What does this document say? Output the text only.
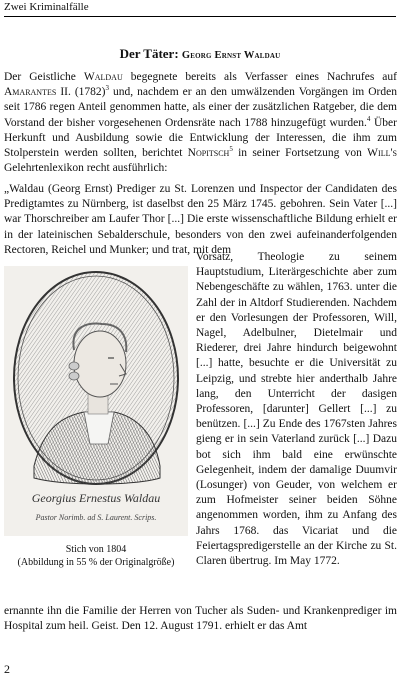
Zwei Kriminalfälle
Der Täter: Georg Ernst Waldau
Der Geistliche Waldau begegnete bereits als Verfasser eines Nachrufes auf Amarantes II. $(1782)^3$ und, nachdem er an den umwälzenden Vorgängen im Orden seit 1786 regen Anteil genommen hatte, als einer der zusätzlichen Ratgeber, die dem Vorstand der bisher vorgesehenen Ordensräte nach 1788 hinzugefügt wurden.$^4$ Über Herkunft und Ausbildung sowie die Entwicklung der Interessen, die ihm zum Stolperstein werden sollten, berichtet Nopitsch$^5$ in seiner Fortsetzung von Will's Gelehrtenlexikon recht ausführlich:
„Waldau (Georg Ernst) Prediger zu St. Lorenzen und Inspector der Candidaten des Predigtamtes zu Nürnberg, ist daselbst den 25 März 1745. gebohren. Sein Vater [...] war Thorschreiber am Laufer Thor [...] Die erste wissenschaftliche Bildung erhielt er in der lateinischen Sebalderschule, besonders von den zwei aufeinanderfolgenden Rectoren, Reichel und Munker; und trat, mit dem
Georgius Ernestus Waldau
Pastor Norimb. ad S. Laurent. Scrips.
Stich von 1804
(Abbildung in 55 % der Originalgröße)
Vorsatz, Theologie zu seinem Hauptstudium, Literärgeschichte aber zum Nebengeschäfte zu wählen, 1763. unter die Zahl der in Altdorf Studierenden. Nachdem er den Vorlesungen der Professoren, Will, Nagel, Adelbulner, Dietelmair und Riederer, drei Jahre hindurch beigewohnt [...] hatte, besuchte er die Universität zu Leipzig, und strebte hier anderthalb Jahre lang, den Unterricht der dasigen Professoren, [darunter] Gellert [...] zu benützen. [...] Zu Ende des 1767sten Jahres gieng er in sein Vaterland zurück [...] Dazu bot sich ihm bald eine erwünschte Gelegenheit, indem der damalige Duumvir (Losunger) von Geuder, von welchem er zum Hofmeister seiner beiden Söhne angenommen worden, ihm zu Anfang des Jahrs 1768. das Vicariat und die Feiertagspredigerstelle an der Kirche zu St. Claren übertrug. Im May 1772.
ernannte ihn die Familie der Herren von Tucher als Suden- und Krankenprediger im Hospital zum heil. Geist. Den 12. August 1791. erhielt er das Amt
2
